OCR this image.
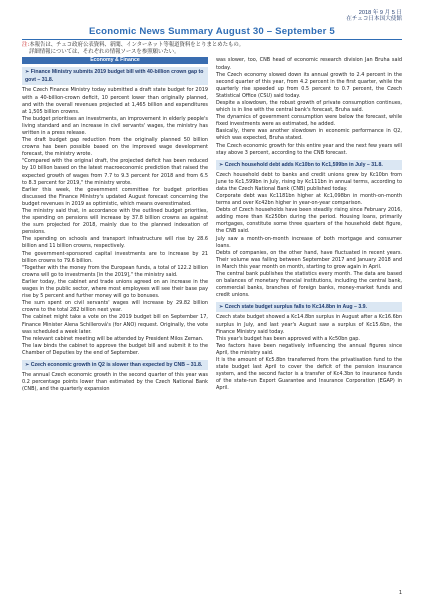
2018 年 9 月 5 日
在チェコ日本国大使館
Economic News Summary August 30 – September 5
注:本報告は、チェコ政府公表資料、新聞、インターネット等報道資料をとりまとめたもの。
詳細情報については、それぞれの情報ソースを参照願いたい。
Economy & Finance
➢ Finance Ministry submits 2019 budget bill with 40-billion crown gap to govt – 31.8.

The Czech Finance Ministry today submitted a draft state budget for 2019 with a 40-billion-crown deficit, 10 percent lower than originally planned, and with the overall revenues projected at 1,465 billion and expenditures at 1,505 billion crowns.

The budget prioritises an investments, an improvement in elderly people's living standard and an increase in civil servants' wages, the ministry has written in a press release.

The draft budget gap reduction from the originally planned 50 billion crowns has been possible based on the improved wage development forecast, the ministry wrote.

"Compared with the original draft, the projected deficit has been reduced by 10 billion based on the latest macroeconomic prediction that raised the expected growth of wages from 7.7 to 9.3 percent for 2018 and from 6.5 to 8.3 percent for 2019," the ministry wrote.

Earlier this week, the government committee for budget priorities discussed the Finance Ministry's updated August forecast concerning the budget revenues in 2019 as optimistic, which means overestimated.

The ministry said that, in accordance with the outlined budget priorities, the spending on pensions will increase by 37.8 billion crowns as against the sum projected for 2018, mainly due to the planned indexation of pensions.

The spending on schools and transport infrastructure will rise by 28.6 billion and 11 billion crowns, respectively.

The government-sponsored capital investments are to increase by 21 billion crowns to 79.6 billion.

"Together with the money from the European funds, a total of 122.2 billion crowns will go to investments [in the 2019]," the ministry said.

Earlier today, the cabinet and trade unions agreed on an increase in the wages in the public sector, where most employees will see their base pay rise by 5 percent and further money will go to bonuses.

The sum spent on civil servants' wages will increase by 29.82 billion crowns to the total 282 billion next year.

The cabinet might take a vote on the 2019 budget bill on September 17, Finance Minister Alena Schillerová's (for ANO) request. Originally, the vote was scheduled a week later.

The relevant cabinet meeting will be attended by President Milos Zeman.

The law binds the cabinet to approve the budget bill and submit it to the Chamber of Deputies by the end of September.

➢ Czech economic growth in Q2 is slower than expected by CNB – 31.8.

The annual Czech economic growth in the second quarter of this year was 0.2 percentage points lower than estimated by the Czech National Bank (CNB), and the quarterly expansion

was slower, too, CNB head of economic research division Jan Bruha said today.

The Czech economy slowed down its annual growth to 2.4 percent in the second quarter of this year, from 4.2 percent in the first quarter, while the quarterly rise speeded up from 0.5 percent to 0.7 percent, the Czech Statistical Office (CSU) said today.

Despite a slowdown, the robust growth of private consumption continues, which is in line with the central bank's forecast, Bruha said.

The dynamics of government consumption were below the forecast, while fixed investments were as estimated, he added.

Basically, there was another slowdown in economic performance in Q2, which was expected, Bruha stated.

The Czech economic growth for this entire year and the next few years will stay above 3 percent, according to the CNB forecast.

➢ Czech household debt adds Kc10bn to Kc1,599bn in July – 31.8.

Czech household debt to banks and credit unions grew by Kc10bn from June to Kc1,599bn in July, rising by Kc111bn in annual terms, according to data the Czech National Bank (CNB) published today.

Corporate debt was Kc1181bn higher at Kc1,098bn in month-on-month terms and over Kc42bn higher in year-on-year comparison.

Debts of Czech households have been steadily rising since February 2016, adding more than Kc250bn during the period. Housing loans, primarily mortgages, constitute some three quarters of the household debt figure, the CNB said.

July saw a month-on-month increase of both mortgage and consumer loans.

Debts of companies, on the other hand, have fluctuated in recent years. Their volume was falling between September 2017 and January 2018 and in March this year month on month, starting to grow again in April.

The central bank publishes the statistics every month. The data are based on balances of monetary financial institutions, including the central bank, commercial banks, branches of foreign banks, money-market funds and credit unions.

➢ Czech state budget surplus falls to Kc14.8bn in Aug – 3.9.

Czech state budget showed a Kc14.8bn surplus in August after a Kc16.6bn surplus in July, and last year's August saw a surplus of Kc15.6bn, the Finance Ministry said today.

This year's budget has been approved with a Kc50bn gap.

Two factors have been negatively influencing the annual figures since April, the ministry said.

It is the amount of Kc5.8bn transferred from the privatisation fund to the state budget last April to cover the deficit of the pension insurance system, and the second factor is a transfer of Kc4.3bn to insurance funds of the state-run Export Guarantee and Insurance Corporation (EGAP) in April.

1
